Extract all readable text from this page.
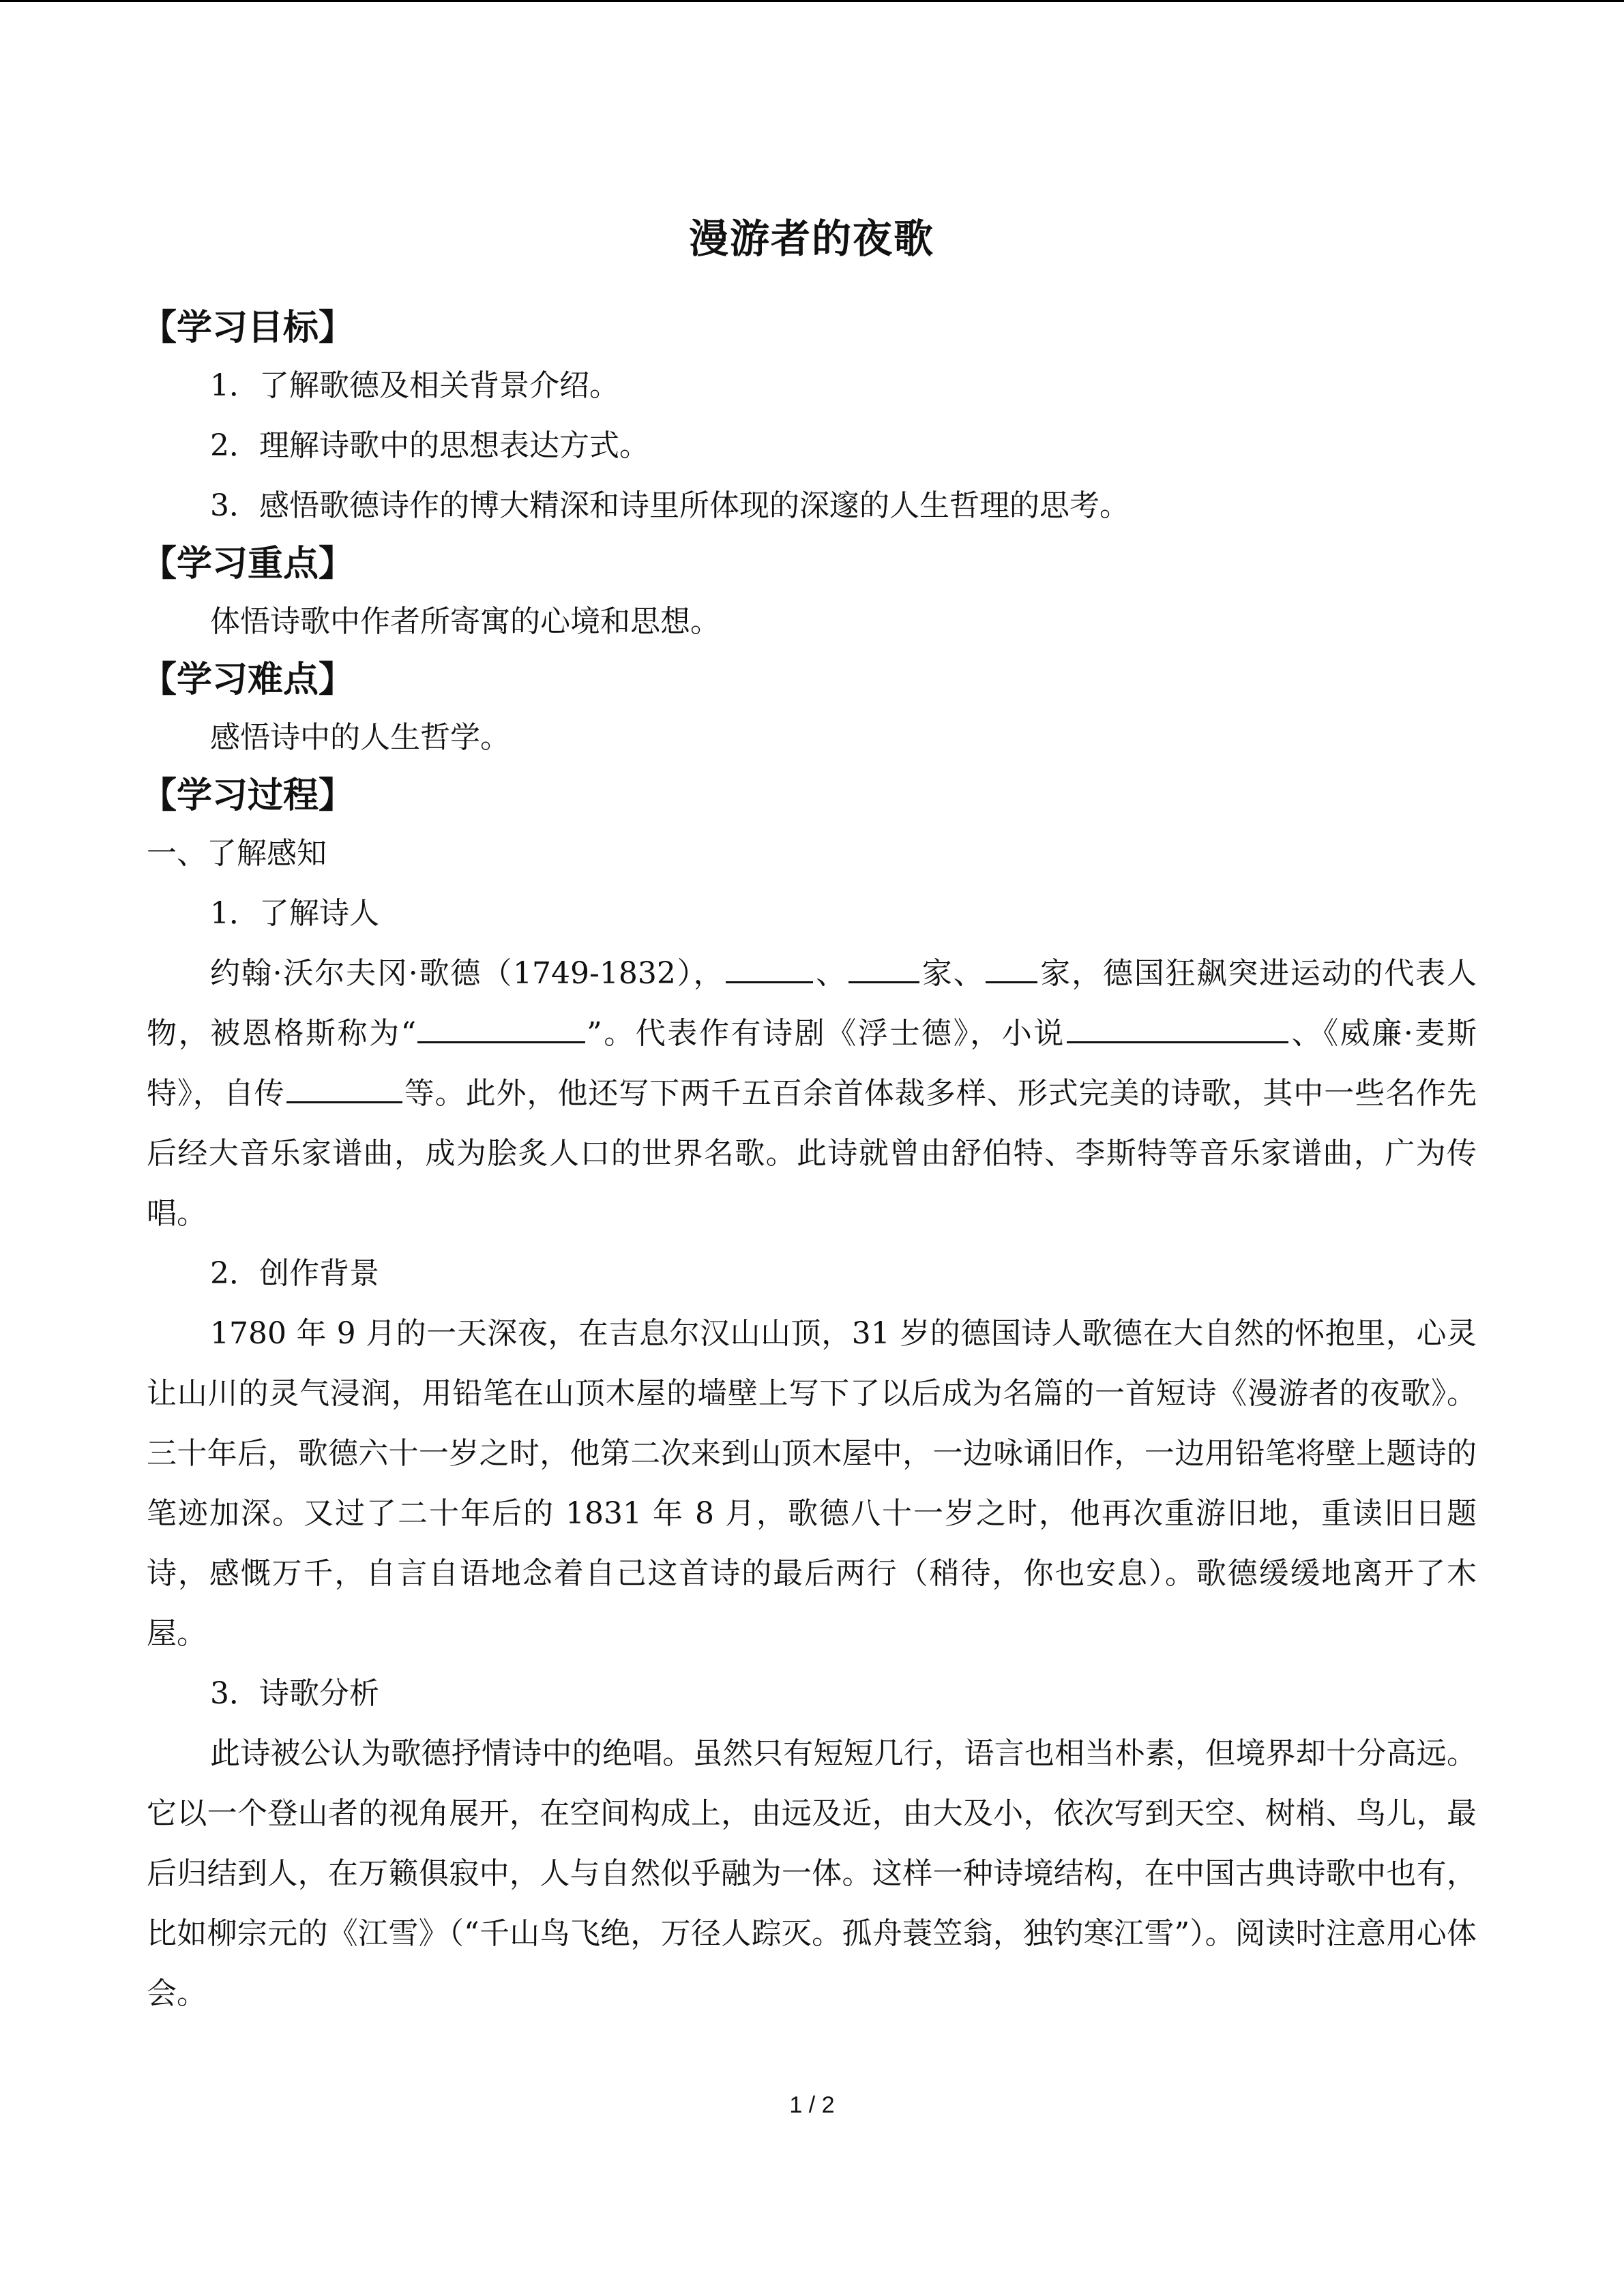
漫游者的夜歌
【学习目标】
1．了解歌德及相关背景介绍。
2．理解诗歌中的思想表达方式。
3．感悟歌德诗作的博大精深和诗里所体现的深邃的人生哲理的思考。
【学习重点】
体悟诗歌中作者所寄寓的心境和思想。
【学习难点】
感悟诗中的人生哲学。
【学习过程】
一、了解感知
1．了解诗人
约翰·沃尔夫冈·歌德（1749-1832），	、 家、 家，德国狂飙突进运动的代表人物，被恩格斯称为“	”。代表作有诗剧《浮士德》，小说	、《威廉·麦斯特》，自传	等。此外，他还写下两千五百余首体裁多样、形式完美的诗歌，其中一些名作先后经大音乐家谱曲，成为脍炙人口的世界名歌。此诗就曾由舒伯特、李斯特等音乐家谱曲，广为传唱。
2．创作背景
1780 年 9 月的一天深夜，在吉息尔汉山山顶，31 岁的德国诗人歌德在大自然的怀抱里，心灵让山川的灵气浸润，用铅笔在山顶木屋的墙壁上写下了以后成为名篇的一首短诗《漫游者的夜歌》。三十年后，歌德六十一岁之时，他第二次来到山顶木屋中，一边咏诵旧作，一边用铅笔将壁上题诗的笔迹加深。又过了二十年后的 1831 年 8 月，歌德八十一岁之时，他再次重游旧地，重读旧日题诗，感慨万千，自言自语地念着自己这首诗的最后两行（稍待，你也安息）。歌德缓缓地离开了木屋。
3．诗歌分析
此诗被公认为歌德抒情诗中的绝唱。虽然只有短短几行，语言也相当朴素，但境界却十分高远。它以一个登山者的视角展开，在空间构成上，由远及近，由大及小，依次写到天空、树梢、鸟儿，最后归结到人，在万籁俱寂中，人与自然似乎融为一体。这样一种诗境结构，在中国古典诗歌中也有，比如柳宗元的《江雪》（“千山鸟飞绝，万径人踪灭。孤舟蓑笠翁，独钓寒江雪”）。阅读时注意用心体会。
1 / 2
